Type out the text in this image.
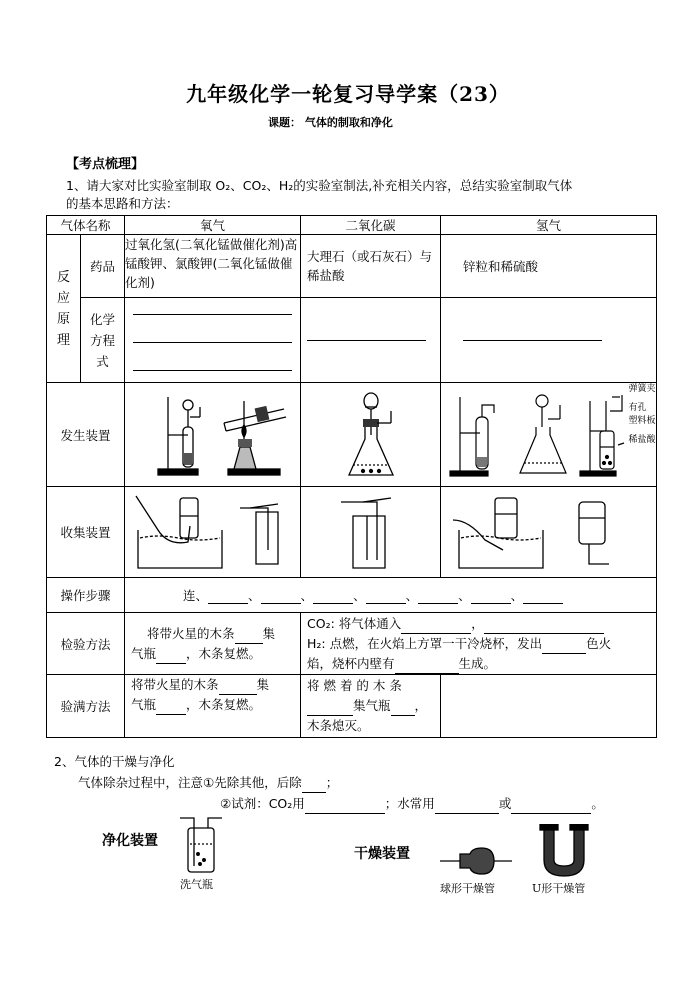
九年级化学一轮复习导学案（23）
课题： 气体的制取和净化
【考点梳理】
1、请大家对比实验室制取 O₂、CO₂、H₂的实验室制法,补充相关内容，总结实验室制取气体
的基本思路和方法：
气体名称		氧气	二氧化碳	氢气
反应原理	药品	过氧化氢(二氧化锰做催化剂)高锰酸钾、氯酸钾(二氧化锰做催化剂)	大理石（或石灰石）与稀盐酸	锌粒和稀硫酸
	化学方程式	

发生装置				弹簧夹
有孔
塑料板
稀盐酸

收集装置	

操作步骤		连、 、 、 、 、 、 、		
检验方法		将带火星的木条 集
气瓶 ，木条复燃。	CO₂: 将气体通入 ，
H₂: 点燃，在火焰上方罩一干冷烧杯，发出 色火
焰，烧杯内壁有 生成。	
验满方法		将带火星的木条 集
气瓶 ，木条复燃。	将 燃 着 的 木 条
集气瓶 ，
木条熄灭。	
2、气体的干燥与净化
气体除杂过程中，注意①先除其他，后除 ；
②试剂：CO₂用	；水常用	或	。
净化装置
洗气瓶
干燥装置
球形干燥管	U形干燥管
